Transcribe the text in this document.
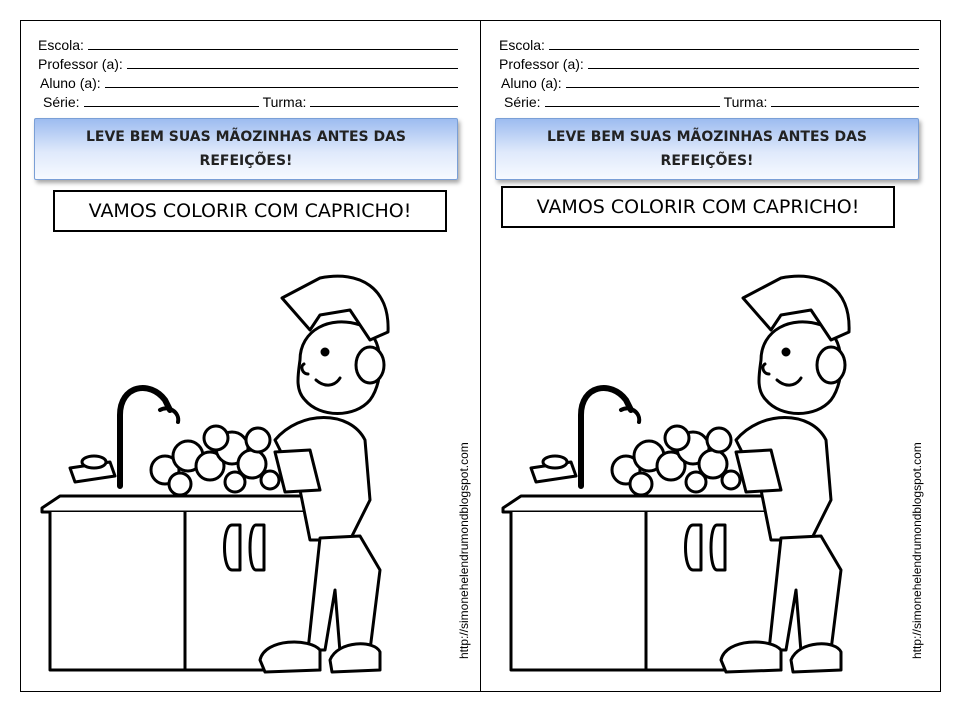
Escola:
Professor (a):
Aluno (a):
Série:	Turma:
LEVE BEM SUAS MÃOZINHAS ANTES DAS REFEIÇÕES!
VAMOS COLORIR COM CAPRICHO!
http://simonehelendrumondblogspot.com
Escola:
Professor (a):
Aluno (a):
Série:	Turma:
LEVE BEM SUAS MÃOZINHAS ANTES DAS REFEIÇÕES!
VAMOS COLORIR COM CAPRICHO!
http://simonehelendrumondblogspot.com
